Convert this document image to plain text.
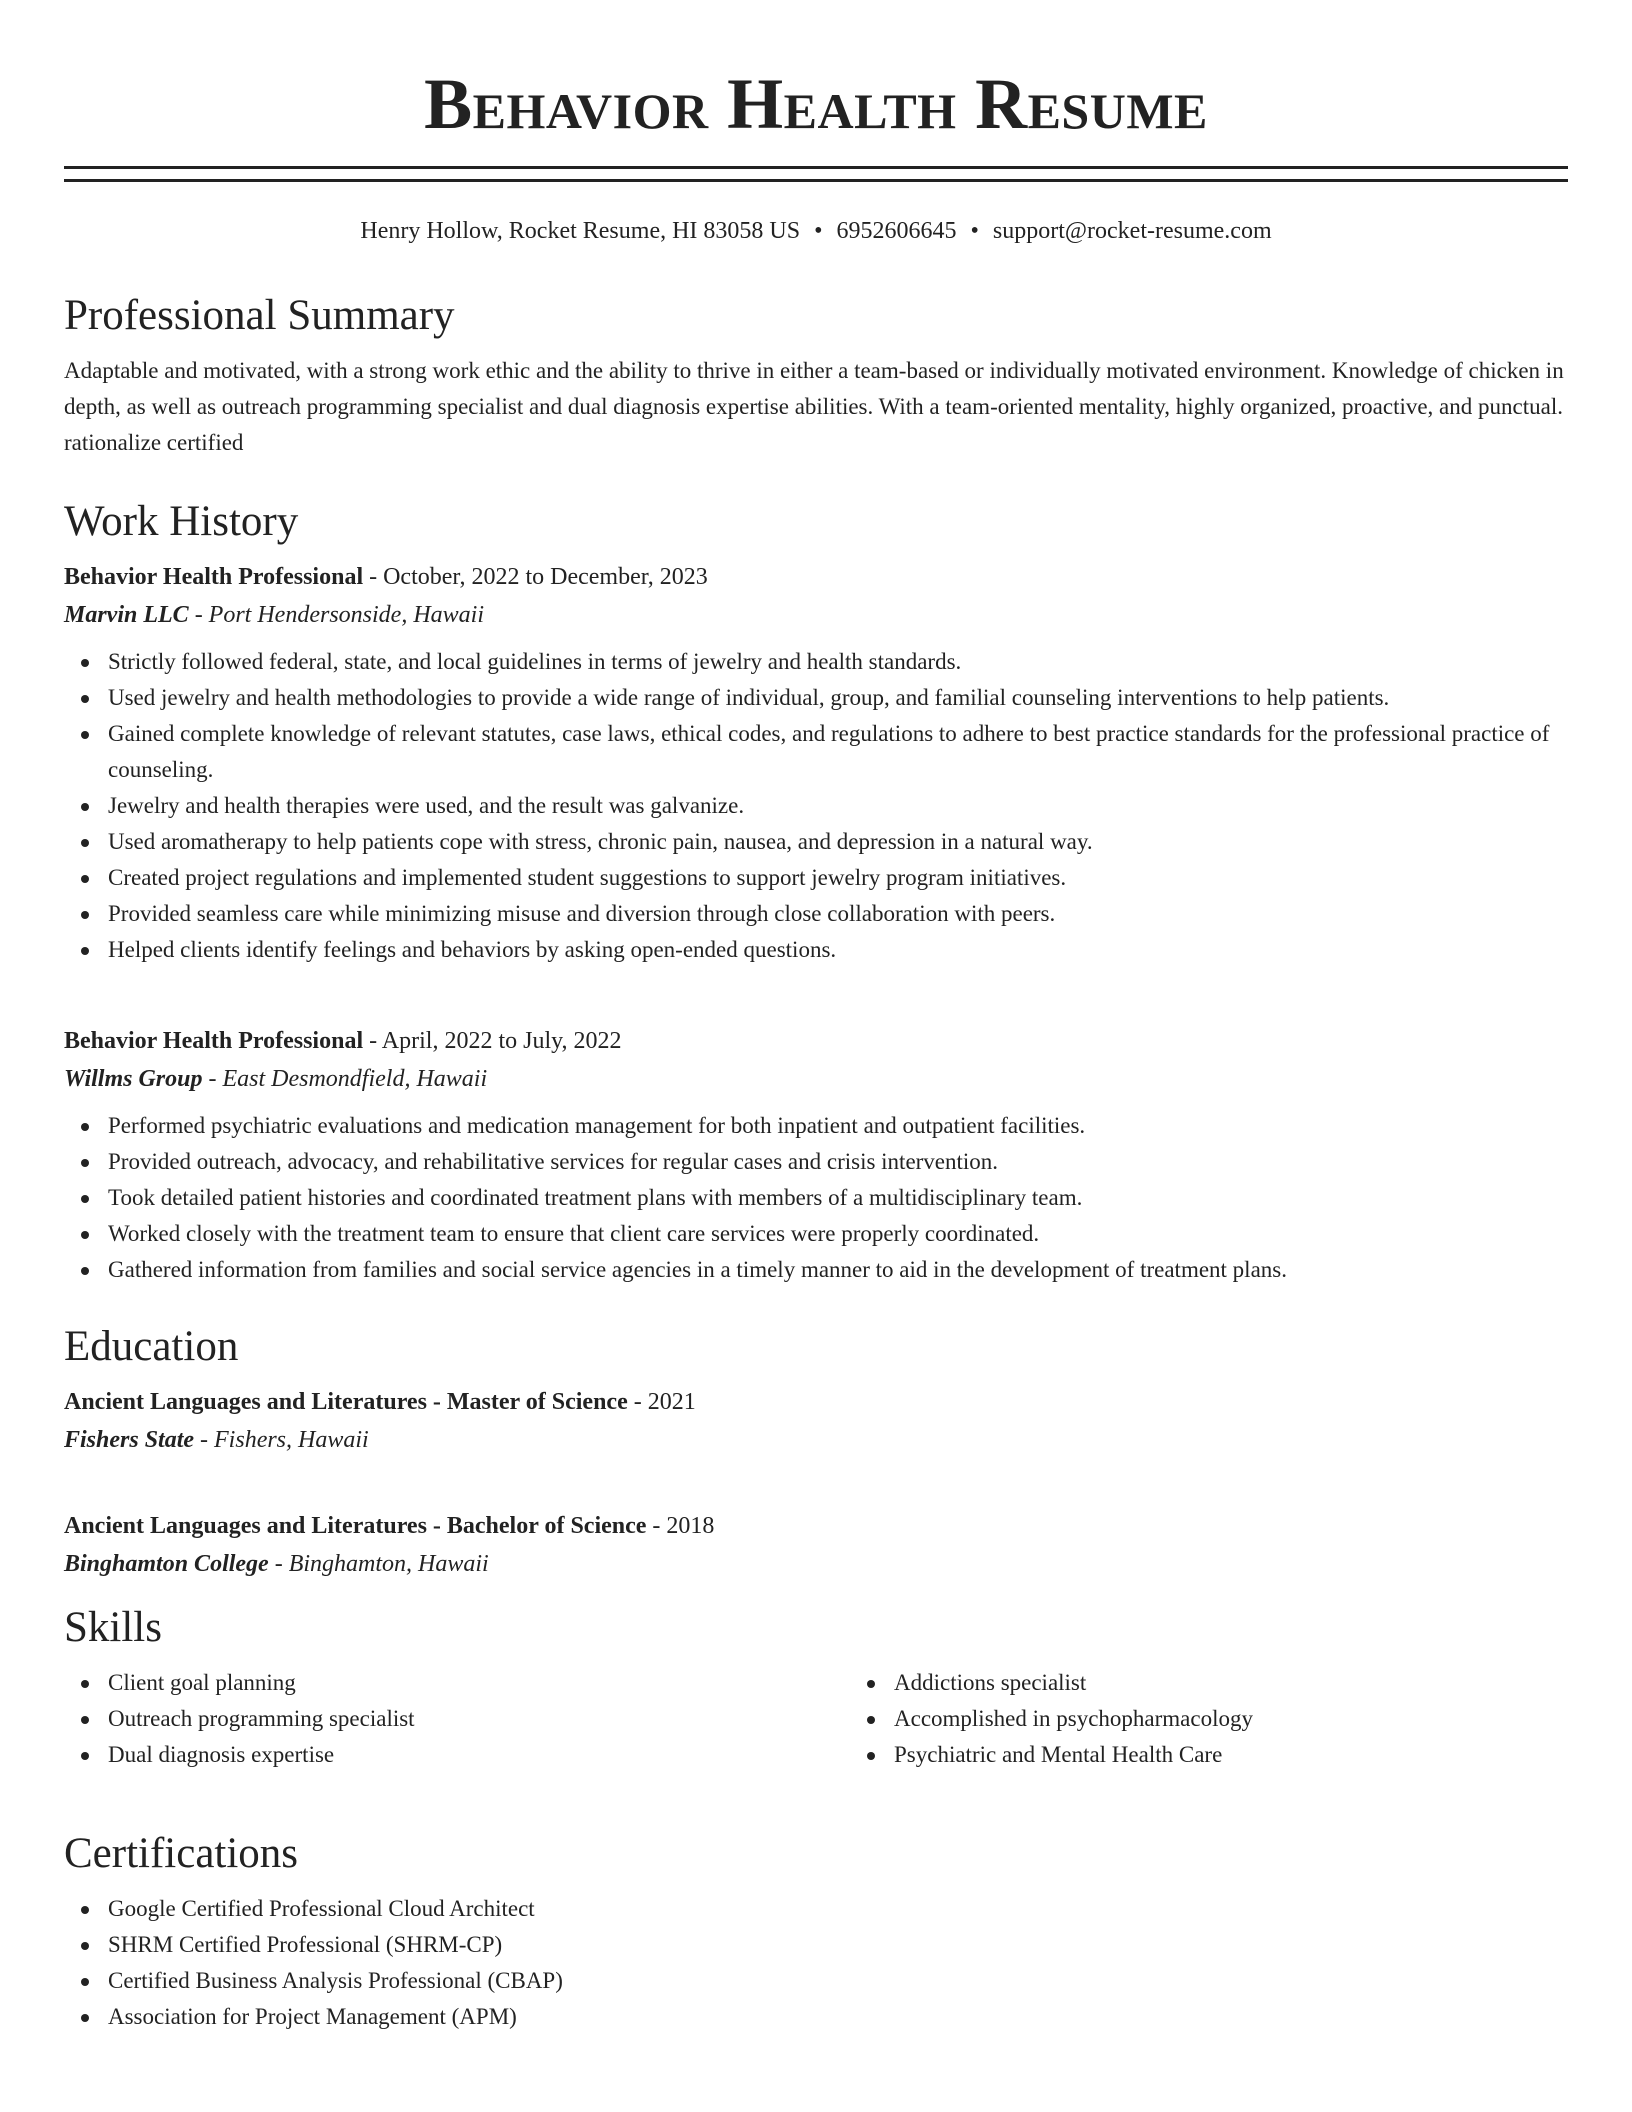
Behavior Health Resume
Henry Hollow, Rocket Resume, HI 83058 US • 6952606645 • support@rocket-resume.com
Professional Summary

Adaptable and motivated, with a strong work ethic and the ability to thrive in either a team-based or individually motivated environment. Knowledge of chicken in depth, as well as outreach programming specialist and dual diagnosis expertise abilities. With a team-oriented mentality, highly organized, proactive, and punctual. rationalize certified

Work History
Behavior Health Professional - October, 2022 to December, 2023
Marvin LLC - Port Hendersonside, Hawaii
Strictly followed federal, state, and local guidelines in terms of jewelry and health standards.
Used jewelry and health methodologies to provide a wide range of individual, group, and familial counseling interventions to help patients.
Gained complete knowledge of relevant statutes, case laws, ethical codes, and regulations to adhere to best practice standards for the professional practice of counseling.
Jewelry and health therapies were used, and the result was galvanize.
Used aromatherapy to help patients cope with stress, chronic pain, nausea, and depression in a natural way.
Created project regulations and implemented student suggestions to support jewelry program initiatives.
Provided seamless care while minimizing misuse and diversion through close collaboration with peers.
Helped clients identify feelings and behaviors by asking open-ended questions.
Behavior Health Professional - April, 2022 to July, 2022
Willms Group - East Desmondfield, Hawaii
Performed psychiatric evaluations and medication management for both inpatient and outpatient facilities.
Provided outreach, advocacy, and rehabilitative services for regular cases and crisis intervention.
Took detailed patient histories and coordinated treatment plans with members of a multidisciplinary team.
Worked closely with the treatment team to ensure that client care services were properly coordinated.
Gathered information from families and social service agencies in a timely manner to aid in the development of treatment plans.
Education
Ancient Languages and Literatures - Master of Science - 2021
Fishers State - Fishers, Hawaii
Ancient Languages and Literatures - Bachelor of Science - 2018
Binghamton College - Binghamton, Hawaii
Skills
Client goal planning
Outreach programming specialist
Dual diagnosis expertise
Addictions specialist
Accomplished in psychopharmacology
Psychiatric and Mental Health Care
Certifications
Google Certified Professional Cloud Architect
SHRM Certified Professional (SHRM-CP)
Certified Business Analysis Professional (CBAP)
Association for Project Management (APM)
